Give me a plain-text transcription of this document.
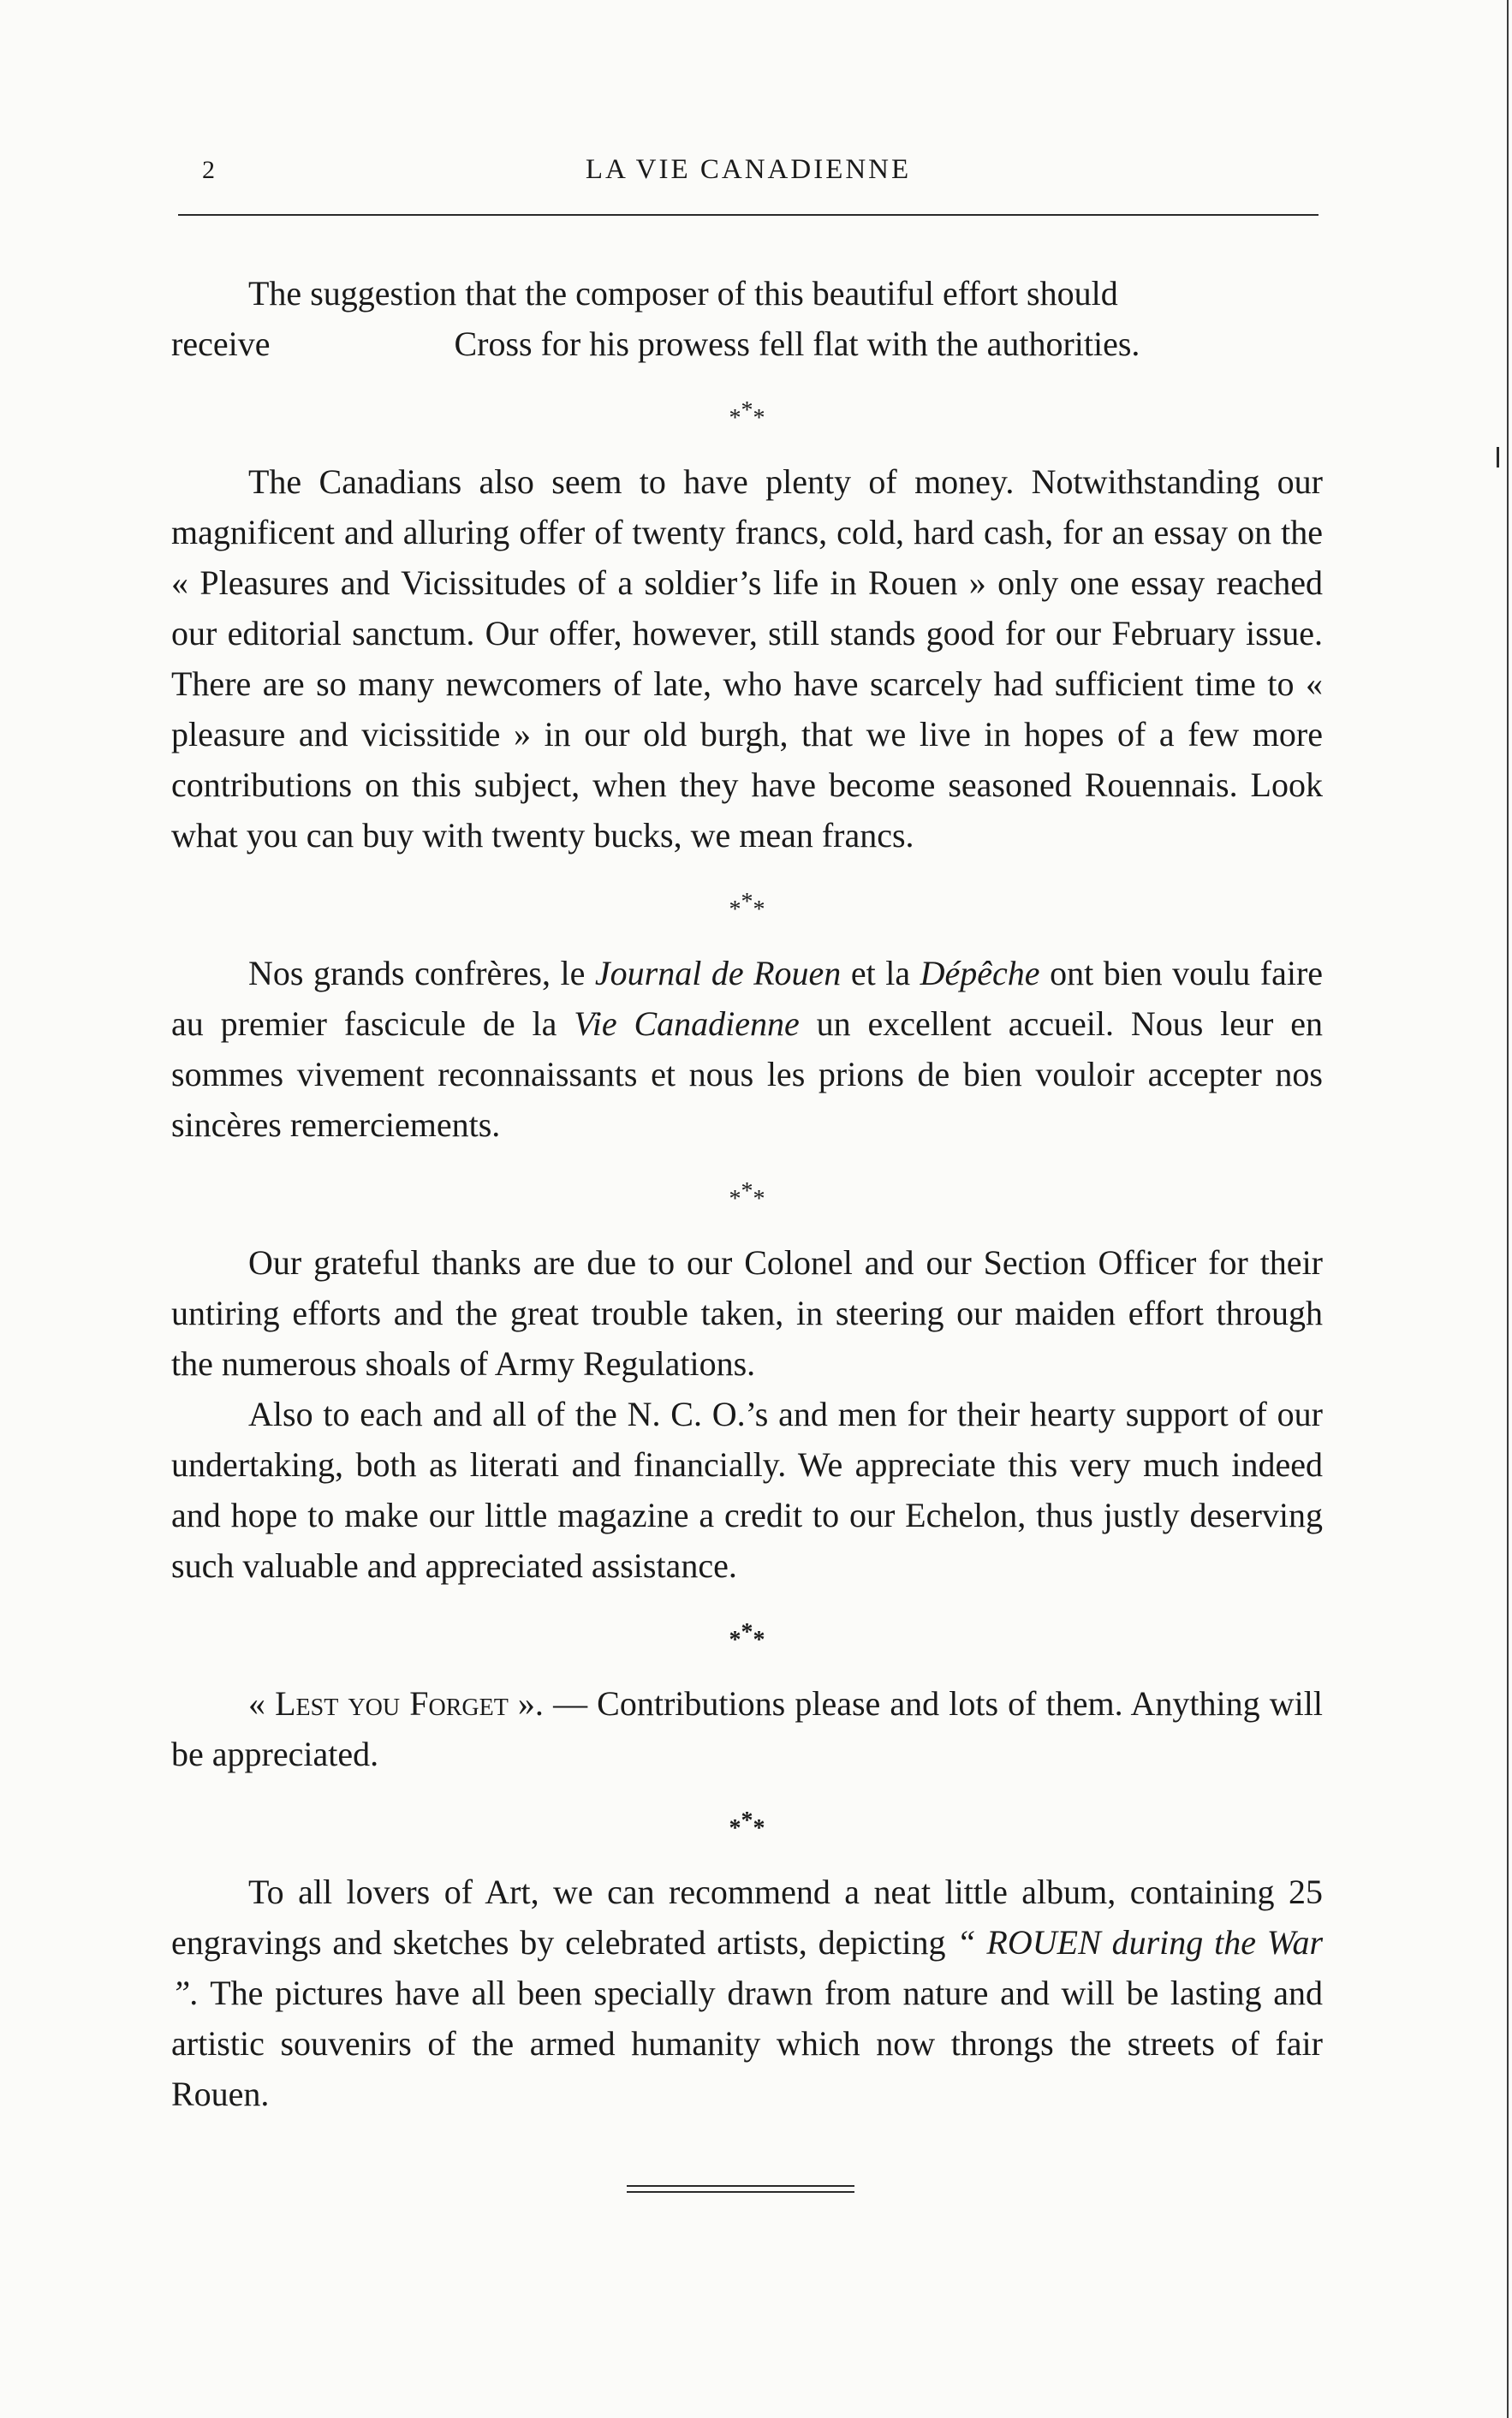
2	LA VIE CANADIENNE

The suggestion that the composer of this beautiful effort should

receive	Cross for his prowess fell flat with the authorities.

***

The Canadians also seem to have plenty of money. Notwithstanding our magnificent and alluring offer of twenty francs, cold, hard cash, for an essay on the « Pleasures and Vicissitudes of a soldier’s life in Rouen » only one essay reached our editorial sanctum. Our offer, however, still stands good for our February issue. There are so many newcomers of late, who have scarcely had sufficient time to « pleasure and vicissitide » in our old burgh, that we live in hopes of a few more contributions on this subject, when they have become seasoned Rouennais. Look what you can buy with twenty bucks, we mean francs.

***

Nos grands confrères, le Journal de Rouen et la Dépêche ont bien voulu faire au premier fascicule de la Vie Canadienne un excellent accueil. Nous leur en sommes vivement reconnaissants et nous les prions de bien vouloir accepter nos sincères remerciements.

***

Our grateful thanks are due to our Colonel and our Section Officer for their untiring efforts and the great trouble taken, in steering our maiden effort through the numerous shoals of Army Regulations.

Also to each and all of the N. C. O.’s and men for their hearty support of our undertaking, both as literati and financially. We appreciate this very much indeed and hope to make our little magazine a credit to our Echelon, thus justly deserving such valuable and appreciated assistance.

***

« Lest you Forget ». — Contributions please and lots of them. Anything will be appreciated.

***

To all lovers of Art, we can recommend a neat little album, containing 25 engravings and sketches by celebrated artists, depicting “ ROUEN during the War ”. The pictures have all been specially drawn from nature and will be lasting and artistic souvenirs of the armed humanity which now throngs the streets of fair Rouen.
